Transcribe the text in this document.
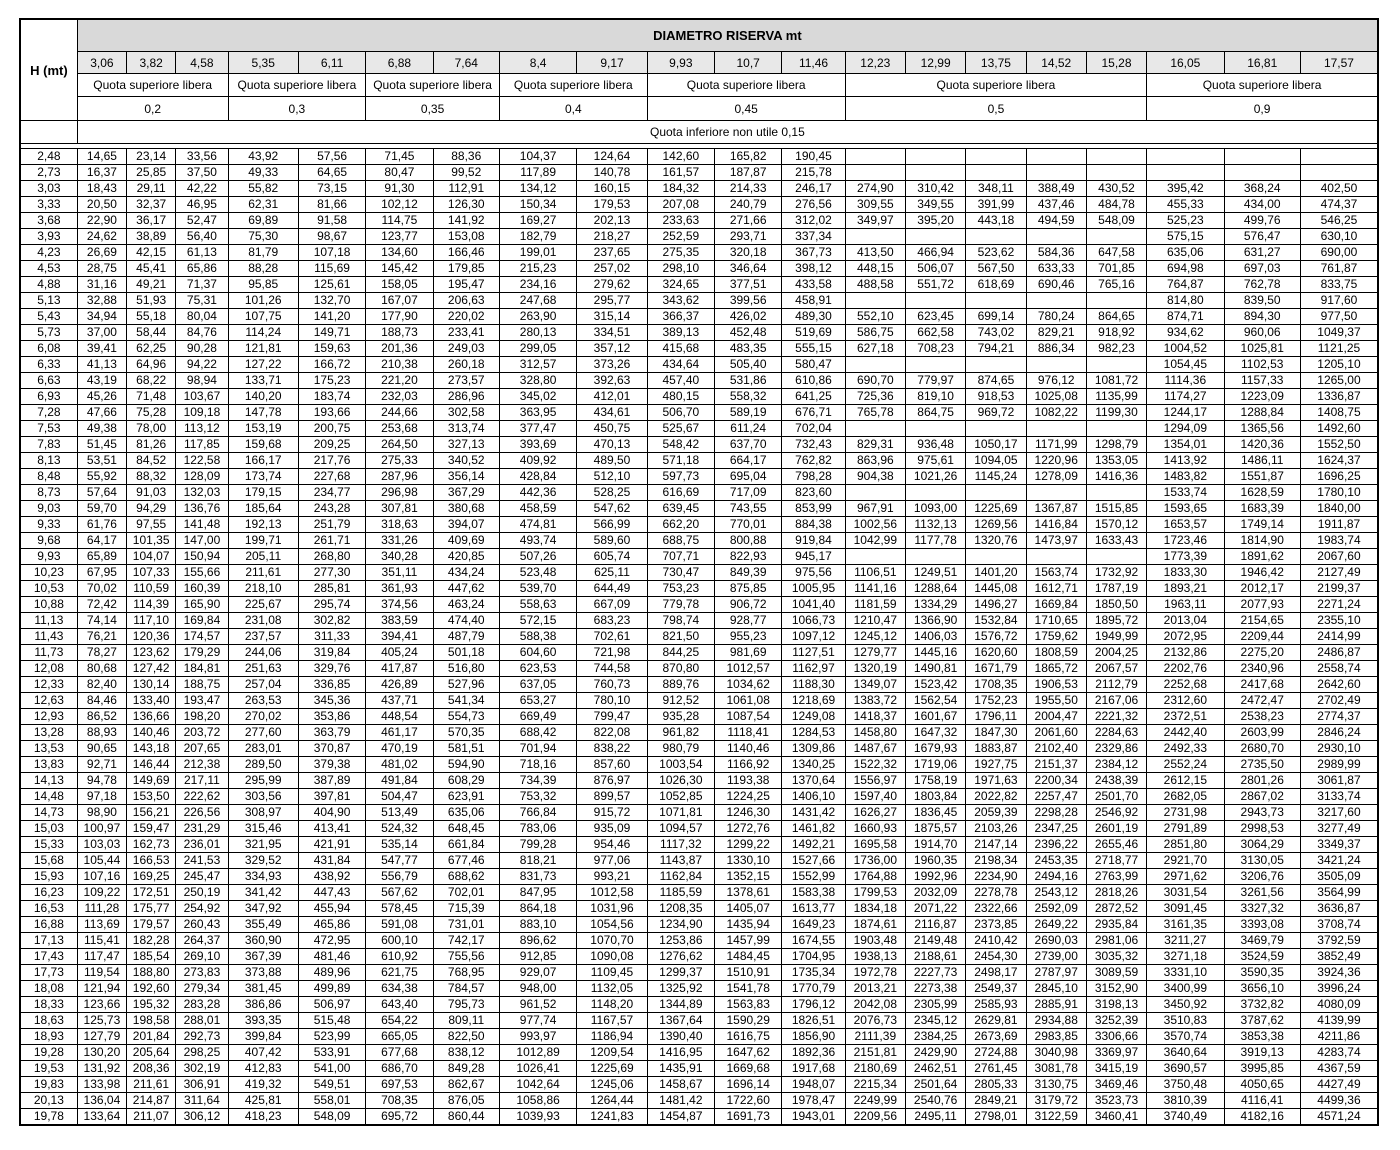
H (mt)	DIAMETRO RISERVA mt																			
	3,06	3,82	4,58	5,35	6,11	6,88	7,64	8,4	9,17	9,93	10,7	11,46	12,23	12,99	13,75	14,52	15,28	16,05	16,81	17,57
	Quota superiore libera			Quota superiore libera		Quota superiore libera		Quota superiore libera		Quota superiore libera			Quota superiore libera					Quota superiore libera		
	0,2			0,3		0,35		0,4		0,45			0,5					0,9		
	Quota inferiore non utile 0,15																			

2,48	14,65	23,14	33,56	43,92	57,56	71,45	88,36	104,37	124,64	142,60	165,82	190,45								
2,73	16,37	25,85	37,50	49,33	64,65	80,47	99,52	117,89	140,78	161,57	187,87	215,78								
3,03	18,43	29,11	42,22	55,82	73,15	91,30	112,91	134,12	160,15	184,32	214,33	246,17	274,90	310,42	348,11	388,49	430,52	395,42	368,24	402,50
3,33	20,50	32,37	46,95	62,31	81,66	102,12	126,30	150,34	179,53	207,08	240,79	276,56	309,55	349,55	391,99	437,46	484,78	455,33	434,00	474,37
3,68	22,90	36,17	52,47	69,89	91,58	114,75	141,92	169,27	202,13	233,63	271,66	312,02	349,97	395,20	443,18	494,59	548,09	525,23	499,76	546,25
3,93	24,62	38,89	56,40	75,30	98,67	123,77	153,08	182,79	218,27	252,59	293,71	337,34						575,15	576,47	630,10
4,23	26,69	42,15	61,13	81,79	107,18	134,60	166,46	199,01	237,65	275,35	320,18	367,73	413,50	466,94	523,62	584,36	647,58	635,06	631,27	690,00
4,53	28,75	45,41	65,86	88,28	115,69	145,42	179,85	215,23	257,02	298,10	346,64	398,12	448,15	506,07	567,50	633,33	701,85	694,98	697,03	761,87
4,88	31,16	49,21	71,37	95,85	125,61	158,05	195,47	234,16	279,62	324,65	377,51	433,58	488,58	551,72	618,69	690,46	765,16	764,87	762,78	833,75
5,13	32,88	51,93	75,31	101,26	132,70	167,07	206,63	247,68	295,77	343,62	399,56	458,91						814,80	839,50	917,60
5,43	34,94	55,18	80,04	107,75	141,20	177,90	220,02	263,90	315,14	366,37	426,02	489,30	552,10	623,45	699,14	780,24	864,65	874,71	894,30	977,50
5,73	37,00	58,44	84,76	114,24	149,71	188,73	233,41	280,13	334,51	389,13	452,48	519,69	586,75	662,58	743,02	829,21	918,92	934,62	960,06	1049,37
6,08	39,41	62,25	90,28	121,81	159,63	201,36	249,03	299,05	357,12	415,68	483,35	555,15	627,18	708,23	794,21	886,34	982,23	1004,52	1025,81	1121,25
6,33	41,13	64,96	94,22	127,22	166,72	210,38	260,18	312,57	373,26	434,64	505,40	580,47						1054,45	1102,53	1205,10
6,63	43,19	68,22	98,94	133,71	175,23	221,20	273,57	328,80	392,63	457,40	531,86	610,86	690,70	779,97	874,65	976,12	1081,72	1114,36	1157,33	1265,00
6,93	45,26	71,48	103,67	140,20	183,74	232,03	286,96	345,02	412,01	480,15	558,32	641,25	725,36	819,10	918,53	1025,08	1135,99	1174,27	1223,09	1336,87
7,28	47,66	75,28	109,18	147,78	193,66	244,66	302,58	363,95	434,61	506,70	589,19	676,71	765,78	864,75	969,72	1082,22	1199,30	1244,17	1288,84	1408,75
7,53	49,38	78,00	113,12	153,19	200,75	253,68	313,74	377,47	450,75	525,67	611,24	702,04						1294,09	1365,56	1492,60
7,83	51,45	81,26	117,85	159,68	209,25	264,50	327,13	393,69	470,13	548,42	637,70	732,43	829,31	936,48	1050,17	1171,99	1298,79	1354,01	1420,36	1552,50
8,13	53,51	84,52	122,58	166,17	217,76	275,33	340,52	409,92	489,50	571,18	664,17	762,82	863,96	975,61	1094,05	1220,96	1353,05	1413,92	1486,11	1624,37
8,48	55,92	88,32	128,09	173,74	227,68	287,96	356,14	428,84	512,10	597,73	695,04	798,28	904,38	1021,26	1145,24	1278,09	1416,36	1483,82	1551,87	1696,25
8,73	57,64	91,03	132,03	179,15	234,77	296,98	367,29	442,36	528,25	616,69	717,09	823,60						1533,74	1628,59	1780,10
9,03	59,70	94,29	136,76	185,64	243,28	307,81	380,68	458,59	547,62	639,45	743,55	853,99	967,91	1093,00	1225,69	1367,87	1515,85	1593,65	1683,39	1840,00
9,33	61,76	97,55	141,48	192,13	251,79	318,63	394,07	474,81	566,99	662,20	770,01	884,38	1002,56	1132,13	1269,56	1416,84	1570,12	1653,57	1749,14	1911,87
9,68	64,17	101,35	147,00	199,71	261,71	331,26	409,69	493,74	589,60	688,75	800,88	919,84	1042,99	1177,78	1320,76	1473,97	1633,43	1723,46	1814,90	1983,74
9,93	65,89	104,07	150,94	205,11	268,80	340,28	420,85	507,26	605,74	707,71	822,93	945,17						1773,39	1891,62	2067,60
10,23	67,95	107,33	155,66	211,61	277,30	351,11	434,24	523,48	625,11	730,47	849,39	975,56	1106,51	1249,51	1401,20	1563,74	1732,92	1833,30	1946,42	2127,49
10,53	70,02	110,59	160,39	218,10	285,81	361,93	447,62	539,70	644,49	753,23	875,85	1005,95	1141,16	1288,64	1445,08	1612,71	1787,19	1893,21	2012,17	2199,37
10,88	72,42	114,39	165,90	225,67	295,74	374,56	463,24	558,63	667,09	779,78	906,72	1041,40	1181,59	1334,29	1496,27	1669,84	1850,50	1963,11	2077,93	2271,24
11,13	74,14	117,10	169,84	231,08	302,82	383,59	474,40	572,15	683,23	798,74	928,77	1066,73	1210,47	1366,90	1532,84	1710,65	1895,72	2013,04	2154,65	2355,10
11,43	76,21	120,36	174,57	237,57	311,33	394,41	487,79	588,38	702,61	821,50	955,23	1097,12	1245,12	1406,03	1576,72	1759,62	1949,99	2072,95	2209,44	2414,99
11,73	78,27	123,62	179,29	244,06	319,84	405,24	501,18	604,60	721,98	844,25	981,69	1127,51	1279,77	1445,16	1620,60	1808,59	2004,25	2132,86	2275,20	2486,87
12,08	80,68	127,42	184,81	251,63	329,76	417,87	516,80	623,53	744,58	870,80	1012,57	1162,97	1320,19	1490,81	1671,79	1865,72	2067,57	2202,76	2340,96	2558,74
12,33	82,40	130,14	188,75	257,04	336,85	426,89	527,96	637,05	760,73	889,76	1034,62	1188,30	1349,07	1523,42	1708,35	1906,53	2112,79	2252,68	2417,68	2642,60
12,63	84,46	133,40	193,47	263,53	345,36	437,71	541,34	653,27	780,10	912,52	1061,08	1218,69	1383,72	1562,54	1752,23	1955,50	2167,06	2312,60	2472,47	2702,49
12,93	86,52	136,66	198,20	270,02	353,86	448,54	554,73	669,49	799,47	935,28	1087,54	1249,08	1418,37	1601,67	1796,11	2004,47	2221,32	2372,51	2538,23	2774,37
13,28	88,93	140,46	203,72	277,60	363,79	461,17	570,35	688,42	822,08	961,82	1118,41	1284,53	1458,80	1647,32	1847,30	2061,60	2284,63	2442,40	2603,99	2846,24
13,53	90,65	143,18	207,65	283,01	370,87	470,19	581,51	701,94	838,22	980,79	1140,46	1309,86	1487,67	1679,93	1883,87	2102,40	2329,86	2492,33	2680,70	2930,10
13,83	92,71	146,44	212,38	289,50	379,38	481,02	594,90	718,16	857,60	1003,54	1166,92	1340,25	1522,32	1719,06	1927,75	2151,37	2384,12	2552,24	2735,50	2989,99
14,13	94,78	149,69	217,11	295,99	387,89	491,84	608,29	734,39	876,97	1026,30	1193,38	1370,64	1556,97	1758,19	1971,63	2200,34	2438,39	2612,15	2801,26	3061,87
14,48	97,18	153,50	222,62	303,56	397,81	504,47	623,91	753,32	899,57	1052,85	1224,25	1406,10	1597,40	1803,84	2022,82	2257,47	2501,70	2682,05	2867,02	3133,74
14,73	98,90	156,21	226,56	308,97	404,90	513,49	635,06	766,84	915,72	1071,81	1246,30	1431,42	1626,27	1836,45	2059,39	2298,28	2546,92	2731,98	2943,73	3217,60
15,03	100,97	159,47	231,29	315,46	413,41	524,32	648,45	783,06	935,09	1094,57	1272,76	1461,82	1660,93	1875,57	2103,26	2347,25	2601,19	2791,89	2998,53	3277,49
15,33	103,03	162,73	236,01	321,95	421,91	535,14	661,84	799,28	954,46	1117,32	1299,22	1492,21	1695,58	1914,70	2147,14	2396,22	2655,46	2851,80	3064,29	3349,37
15,68	105,44	166,53	241,53	329,52	431,84	547,77	677,46	818,21	977,06	1143,87	1330,10	1527,66	1736,00	1960,35	2198,34	2453,35	2718,77	2921,70	3130,05	3421,24
15,93	107,16	169,25	245,47	334,93	438,92	556,79	688,62	831,73	993,21	1162,84	1352,15	1552,99	1764,88	1992,96	2234,90	2494,16	2763,99	2971,62	3206,76	3505,09
16,23	109,22	172,51	250,19	341,42	447,43	567,62	702,01	847,95	1012,58	1185,59	1378,61	1583,38	1799,53	2032,09	2278,78	2543,12	2818,26	3031,54	3261,56	3564,99
16,53	111,28	175,77	254,92	347,92	455,94	578,45	715,39	864,18	1031,96	1208,35	1405,07	1613,77	1834,18	2071,22	2322,66	2592,09	2872,52	3091,45	3327,32	3636,87
16,88	113,69	179,57	260,43	355,49	465,86	591,08	731,01	883,10	1054,56	1234,90	1435,94	1649,23	1874,61	2116,87	2373,85	2649,22	2935,84	3161,35	3393,08	3708,74
17,13	115,41	182,28	264,37	360,90	472,95	600,10	742,17	896,62	1070,70	1253,86	1457,99	1674,55	1903,48	2149,48	2410,42	2690,03	2981,06	3211,27	3469,79	3792,59
17,43	117,47	185,54	269,10	367,39	481,46	610,92	755,56	912,85	1090,08	1276,62	1484,45	1704,95	1938,13	2188,61	2454,30	2739,00	3035,32	3271,18	3524,59	3852,49
17,73	119,54	188,80	273,83	373,88	489,96	621,75	768,95	929,07	1109,45	1299,37	1510,91	1735,34	1972,78	2227,73	2498,17	2787,97	3089,59	3331,10	3590,35	3924,36
18,08	121,94	192,60	279,34	381,45	499,89	634,38	784,57	948,00	1132,05	1325,92	1541,78	1770,79	2013,21	2273,38	2549,37	2845,10	3152,90	3400,99	3656,10	3996,24
18,33	123,66	195,32	283,28	386,86	506,97	643,40	795,73	961,52	1148,20	1344,89	1563,83	1796,12	2042,08	2305,99	2585,93	2885,91	3198,13	3450,92	3732,82	4080,09
18,63	125,73	198,58	288,01	393,35	515,48	654,22	809,11	977,74	1167,57	1367,64	1590,29	1826,51	2076,73	2345,12	2629,81	2934,88	3252,39	3510,83	3787,62	4139,99
18,93	127,79	201,84	292,73	399,84	523,99	665,05	822,50	993,97	1186,94	1390,40	1616,75	1856,90	2111,39	2384,25	2673,69	2983,85	3306,66	3570,74	3853,38	4211,86
19,28	130,20	205,64	298,25	407,42	533,91	677,68	838,12	1012,89	1209,54	1416,95	1647,62	1892,36	2151,81	2429,90	2724,88	3040,98	3369,97	3640,64	3919,13	4283,74
19,53	131,92	208,36	302,19	412,83	541,00	686,70	849,28	1026,41	1225,69	1435,91	1669,68	1917,68	2180,69	2462,51	2761,45	3081,78	3415,19	3690,57	3995,85	4367,59
19,83	133,98	211,61	306,91	419,32	549,51	697,53	862,67	1042,64	1245,06	1458,67	1696,14	1948,07	2215,34	2501,64	2805,33	3130,75	3469,46	3750,48	4050,65	4427,49
20,13	136,04	214,87	311,64	425,81	558,01	708,35	876,05	1058,86	1264,44	1481,42	1722,60	1978,47	2249,99	2540,76	2849,21	3179,72	3523,73	3810,39	4116,41	4499,36
19,78	133,64	211,07	306,12	418,23	548,09	695,72	860,44	1039,93	1241,83	1454,87	1691,73	1943,01	2209,56	2495,11	2798,01	3122,59	3460,41	3740,49	4182,16	4571,24
